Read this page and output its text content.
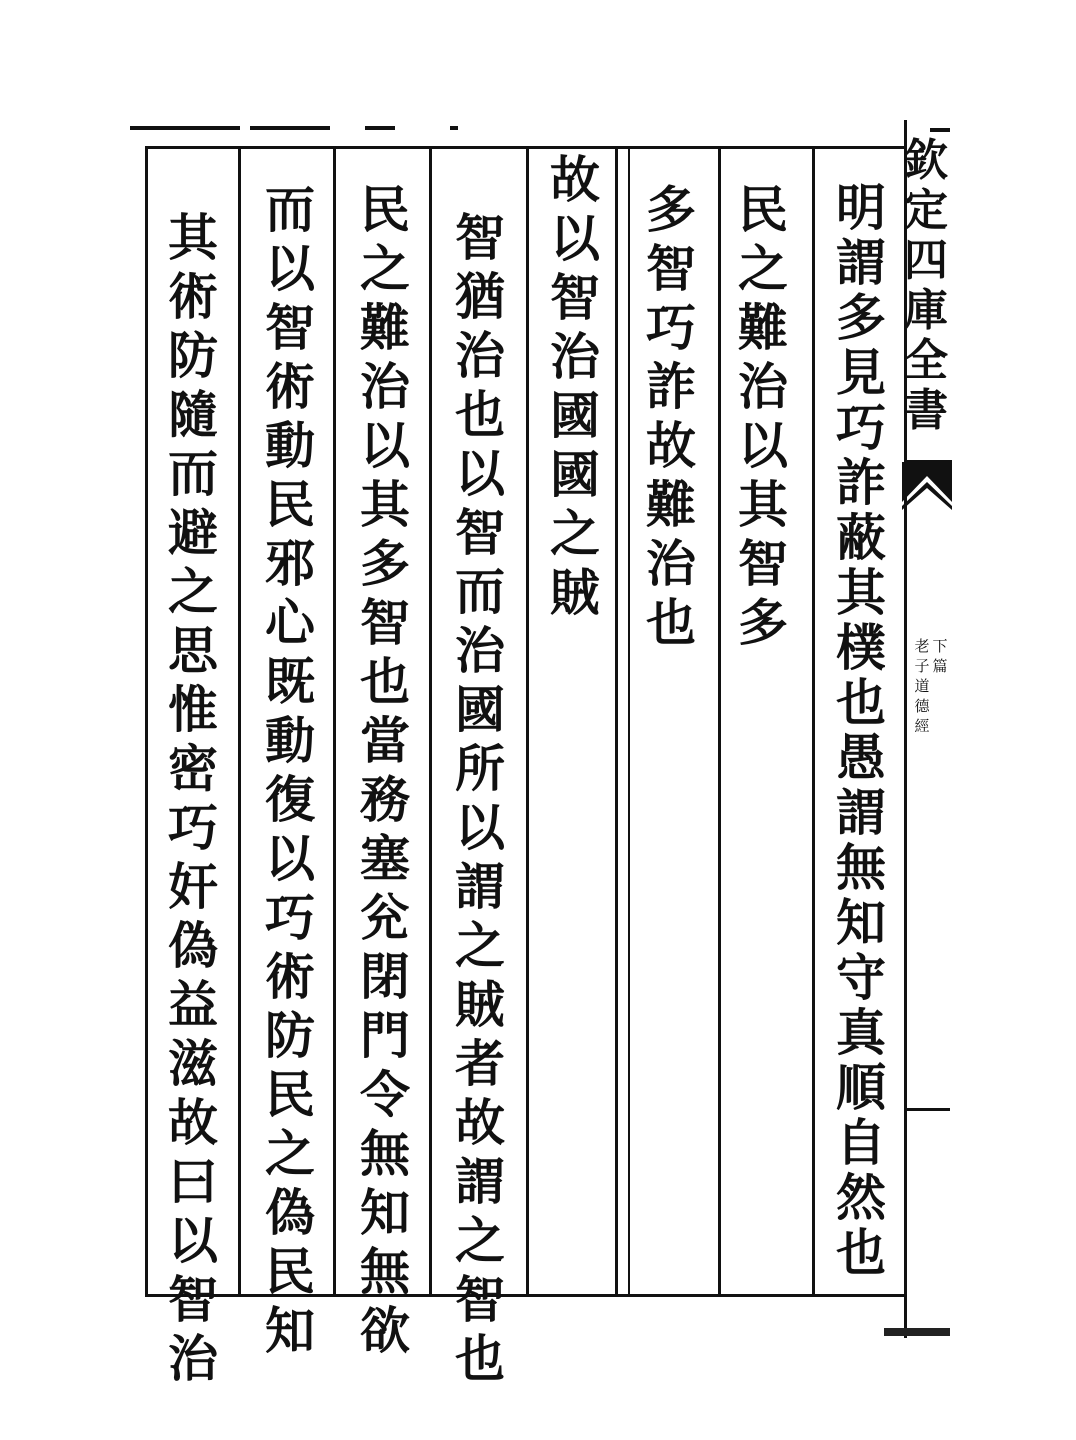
明
謂
多
見
巧
詐
蔽
其
樸
也
愚
謂
無
知
守
真
順
自
然
也
民
之
難
治
以
其
智
多
多
智
巧
詐
故
難
治
也
故
以
智
治
國
國
之
賊
智
猶
治
也
以
智
而
治
國
所
以
謂
之
賊
者
故
謂
之
智
也
民
之
難
治
以
其
多
智
也
當
務
塞
兊
閉
門
令
無
知
無
欲
而
以
智
術
動
民
邪
心
既
動
復
以
巧
術
防
民
之
偽
民
知
其
術
防
隨
而
避
之
思
惟
密
巧
奸
偽
益
滋
故
曰
以
智
治
欽
定
四
庫
全
書
下
篇
老
子
道
德
經
